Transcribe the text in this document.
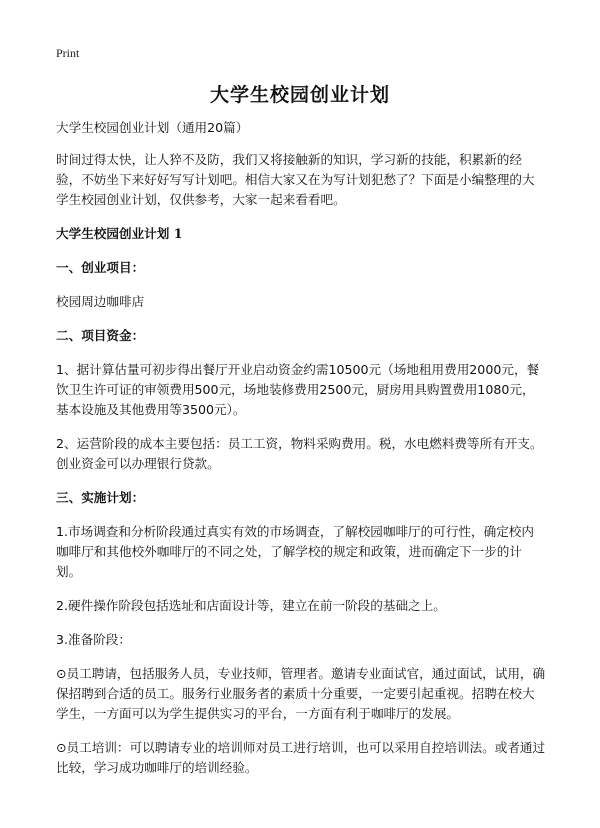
Print
大学生校园创业计划

大学生校园创业计划（通用20篇）

时间过得太快，让人猝不及防，我们又将接触新的知识，学习新的技能，积累新的经验，不妨坐下来好好写写计划吧。相信大家又在为写计划犯愁了？下面是小编整理的大学生校园创业计划，仅供参考，大家一起来看看吧。

大学生校园创业计划 1

一、创业项目：

校园周边咖啡店

二、项目资金：

1、据计算估量可初步得出餐厅开业启动资金约需10500元（场地租用费用2000元，餐饮卫生许可证的审领费用500元，场地装修费用2500元，厨房用具购置费用1080元，基本设施及其他费用等3500元）。

2、运营阶段的成本主要包括：员工工资，物料采购费用。税，水电燃料费等所有开支。创业资金可以办理银行贷款。

三、实施计划：

1.市场调查和分析阶段通过真实有效的市场调查，了解校园咖啡厅的可行性，确定校内咖啡厅和其他校外咖啡厅的不同之处，了解学校的规定和政策，进而确定下一步的计划。

2.硬件操作阶段包括选址和店面设计等，建立在前一阶段的基础之上。

3.准备阶段：

⊙员工聘请，包括服务人员，专业技师，管理者。邀请专业面试官，通过面试，试用，确保招聘到合适的员工。服务行业服务者的素质十分重要，一定要引起重视。招聘在校大学生，一方面可以为学生提供实习的平台，一方面有利于咖啡厅的发展。

⊙员工培训：可以聘请专业的培训师对员工进行培训，也可以采用自控培训法。或者通过比较，学习成功咖啡厅的培训经验。
